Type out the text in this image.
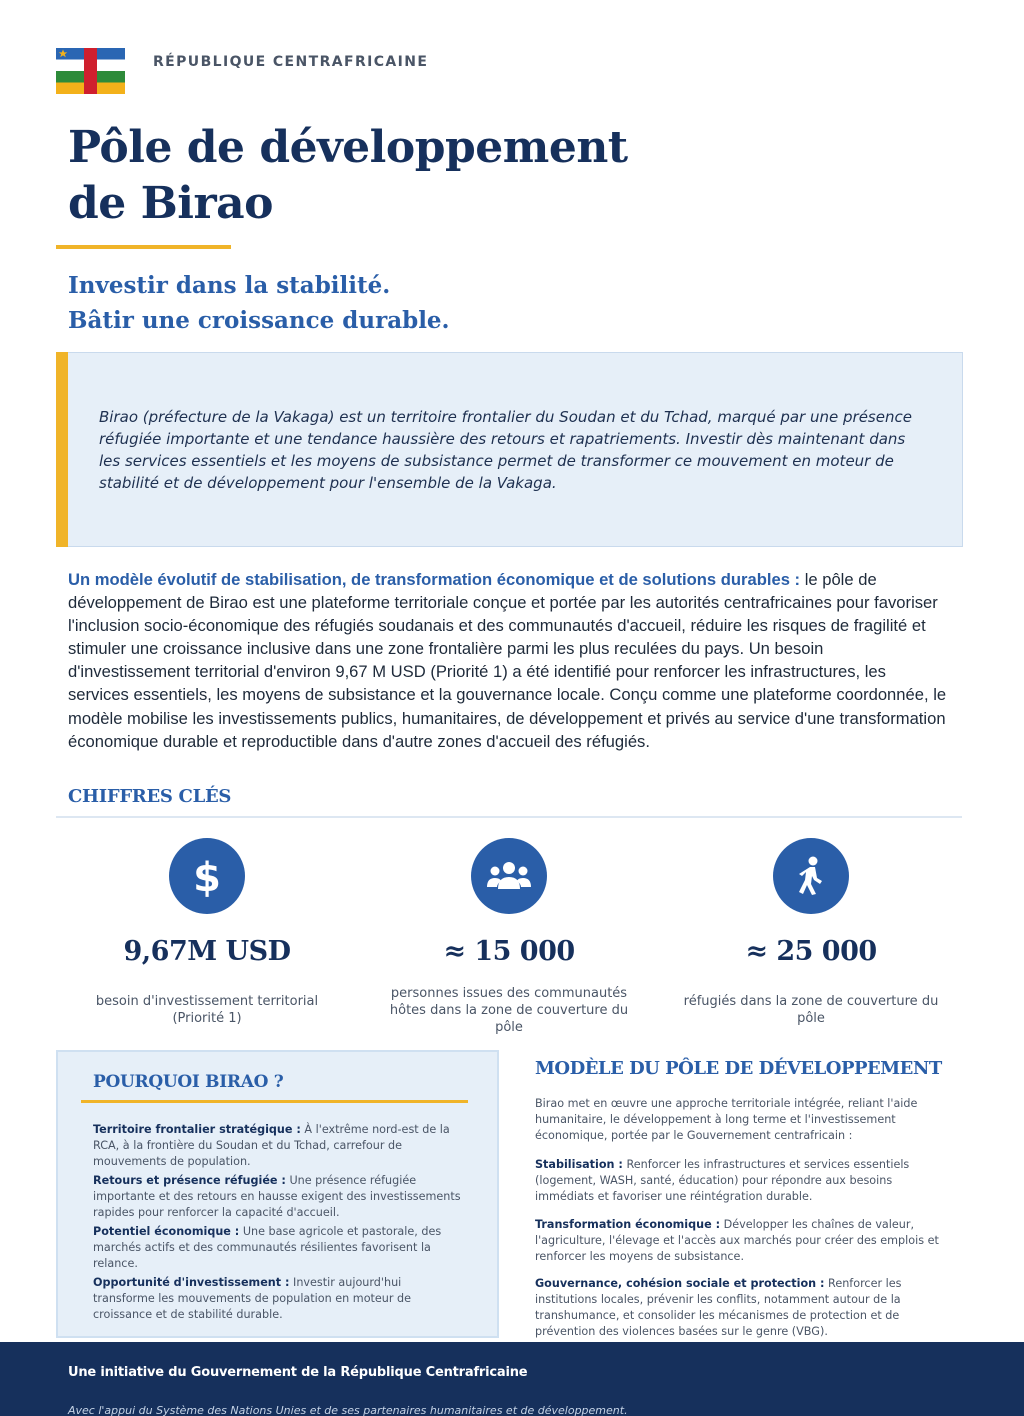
RÉPUBLIQUE CENTRAFRICAINE
Pôle de développement
de Birao
Investir dans la stabilité.
Bâtir une croissance durable.

Birao (préfecture de la Vakaga) est un territoire frontalier du Soudan et du Tchad, marqué par une présence réfugiée importante et une tendance haussière des retours et rapatriements. Investir dès maintenant dans les services essentiels et les moyens de subsistance permet de transformer ce mouvement en moteur de stabilité et de développement pour l'ensemble de la Vakaga.

Un modèle évolutif de stabilisation, de transformation économique et de solutions durables : le pôle de développement de Birao est une plateforme territoriale conçue et portée par les autorités centrafricaines pour favoriser l'inclusion socio-économique des réfugiés soudanais et des communautés d'accueil, réduire les risques de fragilité et stimuler une croissance inclusive dans une zone frontalière parmi les plus reculées du pays. Un besoin d'investissement territorial d'environ 9,67 M USD (Priorité 1) a été identifié pour renforcer les infrastructures, les services essentiels, les moyens de subsistance et la gouvernance locale. Conçu comme une plateforme coordonnée, le modèle mobilise les investissements publics, humanitaires, de développement et privés au service d'une transformation économique durable et reproductible dans d'autre zones d'accueil des réfugiés.

CHIFFRES CLÉS
$
9,67M USD
besoin d'investissement territorial (Priorité 1)
≈ 15 000
personnes issues des communautés hôtes dans la zone de couverture du pôle
≈ 25 000
réfugiés dans la zone de couverture du pôle
POURQUOI BIRAO ?
Territoire frontalier stratégique : À l'extrême nord-est de la RCA, à la frontière du Soudan et du Tchad, carrefour de mouvements de population.
Retours et présence réfugiée : Une présence réfugiée importante et des retours en hausse exigent des investissements rapides pour renforcer la capacité d'accueil.
Potentiel économique : Une base agricole et pastorale, des marchés actifs et des communautés résilientes favorisent la relance.
Opportunité d'investissement : Investir aujourd'hui transforme les mouvements de population en moteur de croissance et de stabilité durable.
MODÈLE DU PÔLE DE DÉVELOPPEMENT
Birao met en œuvre une approche territoriale intégrée, reliant l'aide humanitaire, le développement à long terme et l'investissement économique, portée par le Gouvernement centrafricain :
Stabilisation : Renforcer les infrastructures et services essentiels (logement, WASH, santé, éducation) pour répondre aux besoins immédiats et favoriser une réintégration durable.
Transformation économique : Développer les chaînes de valeur, l'agriculture, l'élevage et l'accès aux marchés pour créer des emplois et renforcer les moyens de subsistance.
Gouvernance, cohésion sociale et protection : Renforcer les institutions locales, prévenir les conflits, notamment autour de la transhumance, et consolider les mécanismes de protection et de prévention des violences basées sur le genre (VBG).
Une initiative du Gouvernement de la République Centrafricaine
Avec l'appui du Système des Nations Unies et de ses partenaires humanitaires et de développement.
